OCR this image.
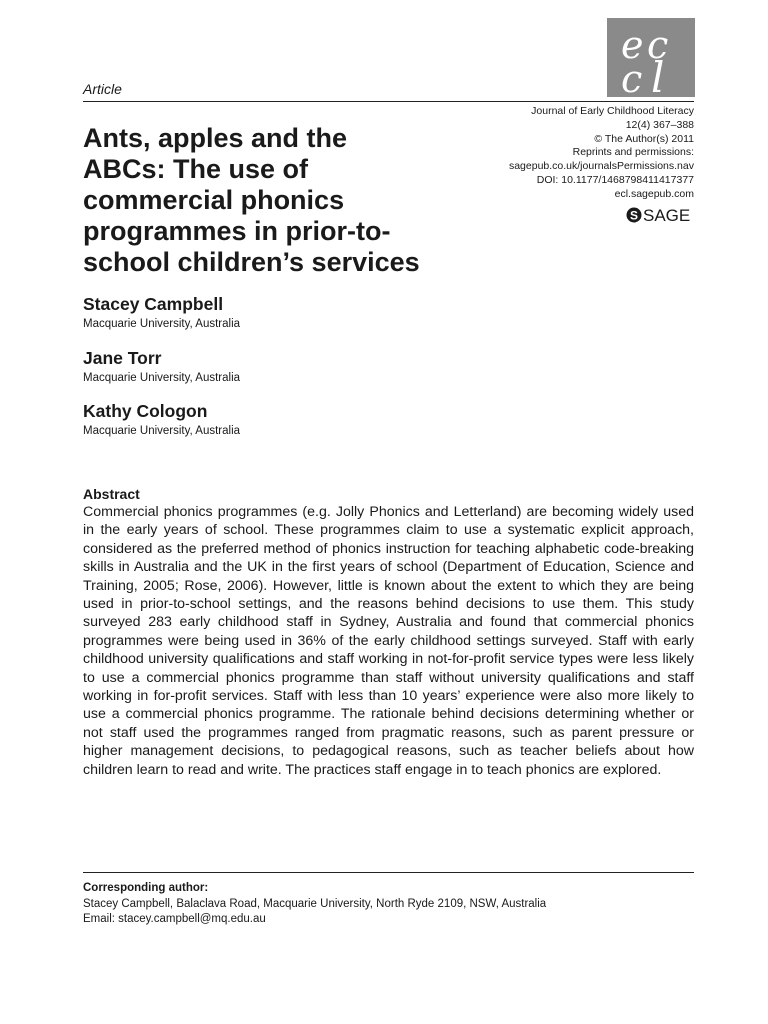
e c
c l
Article
Journal of Early Childhood Literacy
12(4) 367–388
© The Author(s) 2011
Reprints and permissions:
sagepub.co.uk/journalsPermissions.nav
DOI: 10.1177/1468798411417377
ecl.sagepub.com
S SAGE
Ants, apples and the
ABCs: The use of
commercial phonics
programmes in prior-to-
school children’s services
Stacey Campbell
Macquarie University, Australia
Jane Torr
Macquarie University, Australia
Kathy Cologon
Macquarie University, Australia
Abstract

Commercial phonics programmes (e.g. Jolly Phonics and Letterland) are becoming widely used in the early years of school. These programmes claim to use a systematic explicit approach, considered as the preferred method of phonics instruction for teaching alphabetic code-breaking skills in Australia and the UK in the first years of school (Department of Education, Science and Training, 2005; Rose, 2006). However, little is known about the extent to which they are being used in prior-to-school settings, and the reasons behind decisions to use them. This study surveyed 283 early childhood staff in Sydney, Australia and found that commercial phonics programmes were being used in 36% of the early childhood settings surveyed. Staff with early childhood university qualifications and staff working in not-for-profit service types were less likely to use a commercial phonics programme than staff without university qualifications and staff working in for-profit services. Staff with less than 10 years’ experience were also more likely to use a commercial phonics programme. The rationale behind decisions determining whether or not staff used the programmes ranged from pragmatic reasons, such as parent pressure or higher management decisions, to pedagogical reasons, such as teacher beliefs about how children learn to read and write. The practices staff engage in to teach phonics are explored.

Corresponding author:
Stacey Campbell, Balaclava Road, Macquarie University, North Ryde 2109, NSW, Australia
Email: stacey.campbell@mq.edu.au
